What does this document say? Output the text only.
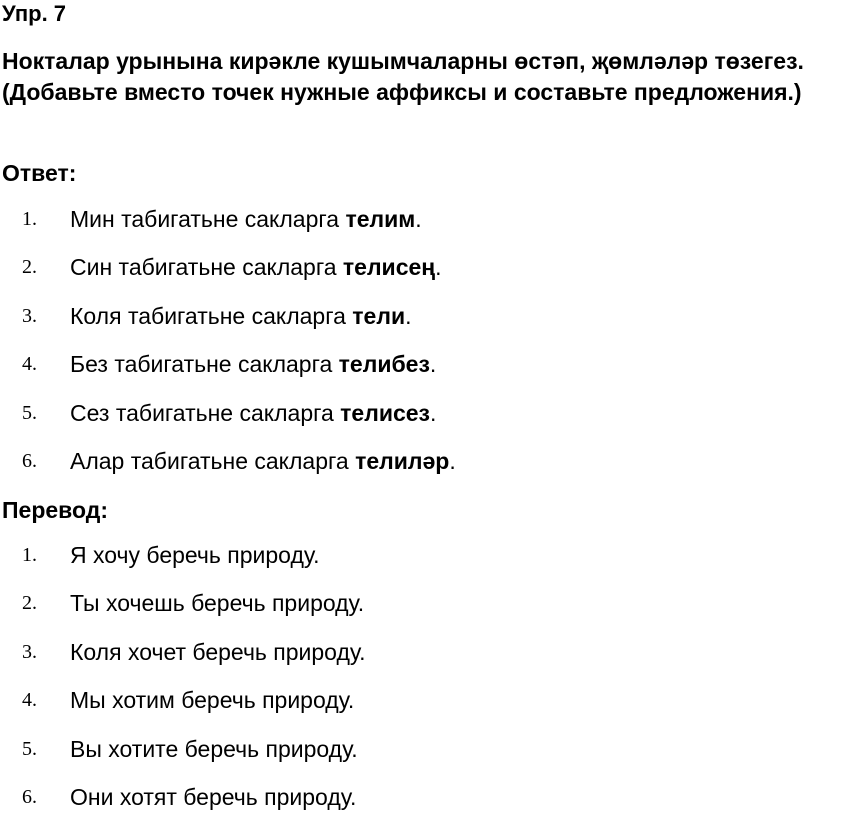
Упр. 7

Ноктaлар урынына кирәкле кушымчаларны өстәп, җөмләләр төзегез. (Добавьте вместо точек нужные аффиксы и составьте предложения.)

Ответ:
1. Мин табигатьне сакларга телим.
2. Син табигатьне сакларга телисең.
3. Коля табигатьне сакларга тели.
4. Без табигатьне сакларга телибез.
5. Сез табигатьне сакларга телисез.
6. Алар табигатьне сакларга телиләр.
Перевод:
1. Я хочу беречь природу.
2. Ты хочешь беречь природу.
3. Коля хочет беречь природу.
4. Мы хотим беречь природу.
5. Вы хотите беречь природу.
6. Они хотят беречь природу.
